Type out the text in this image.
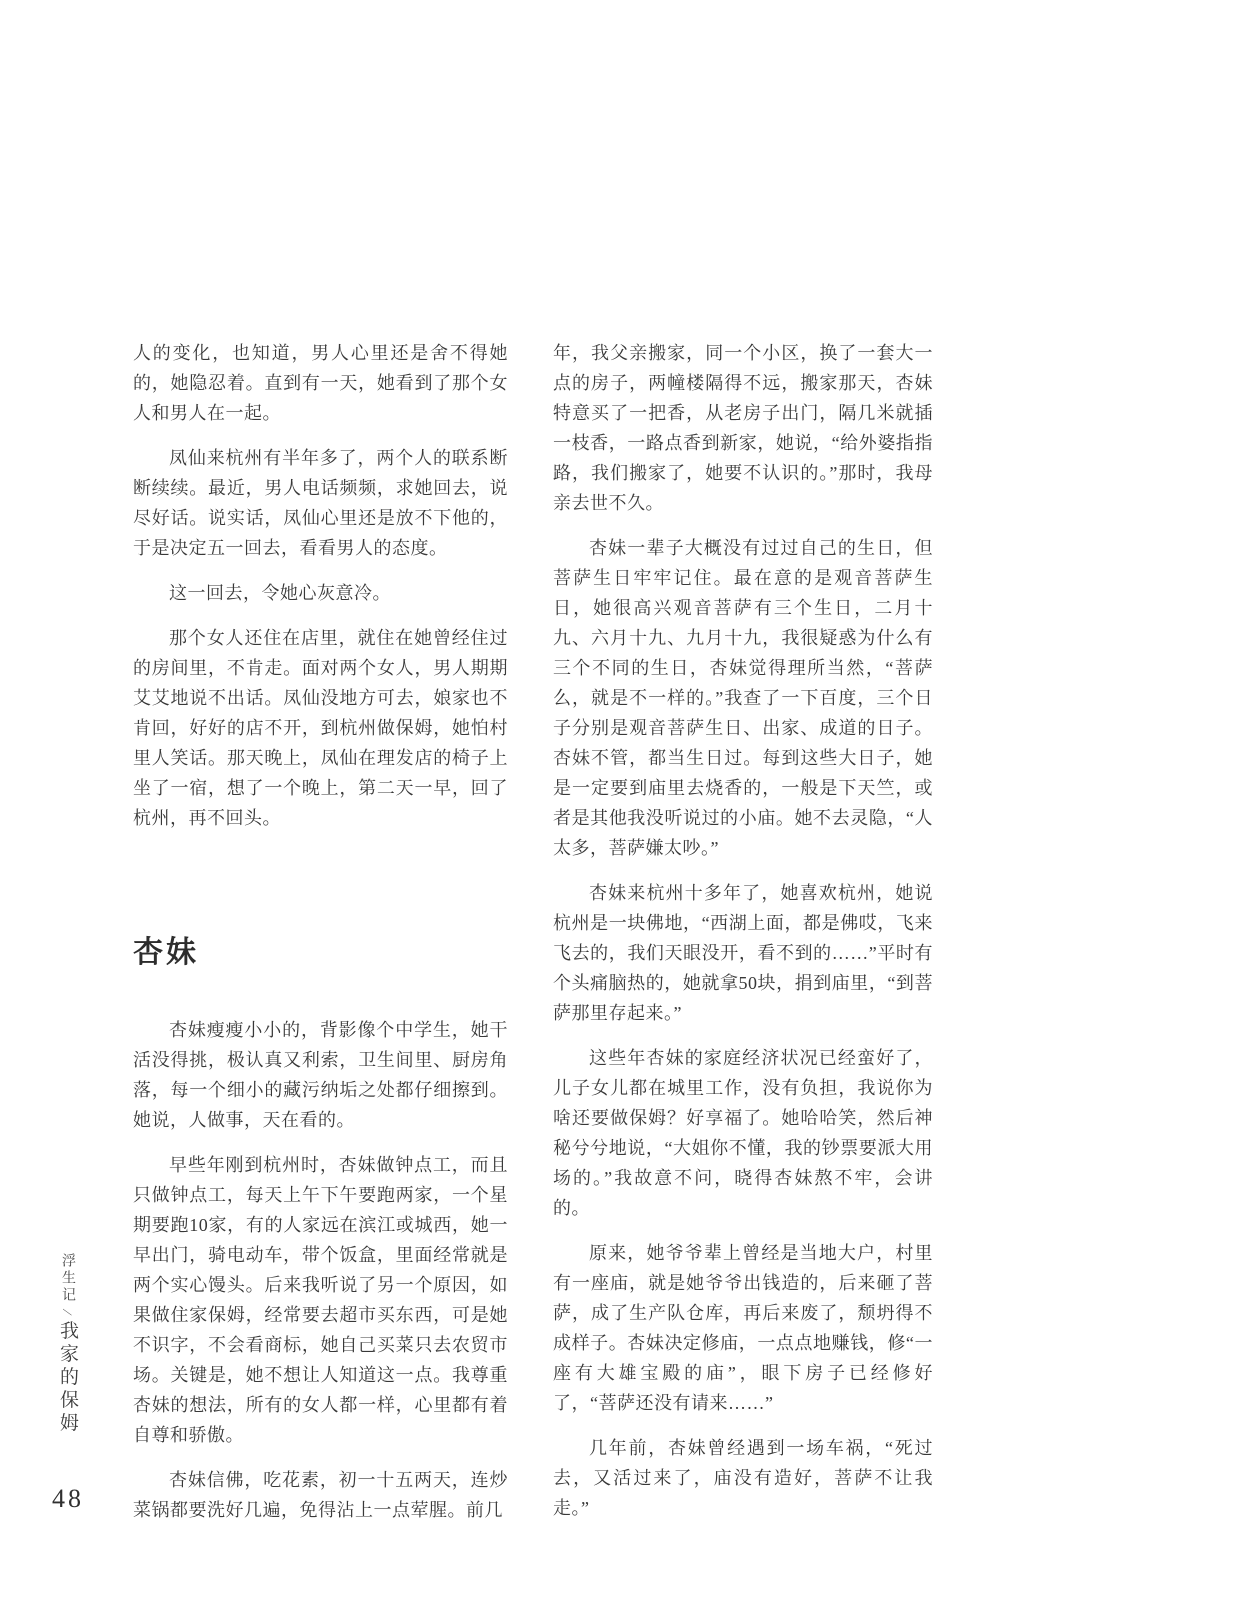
浮生记∕我家的保姆
48

人的变化，也知道，男人心里还是舍不得她的，她隐忍着。直到有一天，她看到了那个女人和男人在一起。

凤仙来杭州有半年多了，两个人的联系断断续续。最近，男人电话频频，求她回去，说尽好话。说实话，凤仙心里还是放不下他的，于是决定五一回去，看看男人的态度。

这一回去，令她心灰意冷。

那个女人还住在店里，就住在她曾经住过的房间里，不肯走。面对两个女人，男人期期艾艾地说不出话。凤仙没地方可去，娘家也不肯回，好好的店不开，到杭州做保姆，她怕村里人笑话。那天晚上，凤仙在理发店的椅子上坐了一宿，想了一个晚上，第二天一早，回了杭州，再不回头。

杏妹

杏妹瘦瘦小小的，背影像个中学生，她干活没得挑，极认真又利索，卫生间里、厨房角落，每一个细小的藏污纳垢之处都仔细擦到。她说，人做事，天在看的。

早些年刚到杭州时，杏妹做钟点工，而且只做钟点工，每天上午下午要跑两家，一个星期要跑10家，有的人家远在滨江或城西，她一早出门，骑电动车，带个饭盒，里面经常就是两个实心馒头。后来我听说了另一个原因，如果做住家保姆，经常要去超市买东西，可是她不识字，不会看商标，她自己买菜只去农贸市场。关键是，她不想让人知道这一点。我尊重杏妹的想法，所有的女人都一样，心里都有着自尊和骄傲。

杏妹信佛，吃花素，初一十五两天，连炒菜锅都要洗好几遍，免得沾上一点荤腥。前几

年，我父亲搬家，同一个小区，换了一套大一点的房子，两幢楼隔得不远，搬家那天，杏妹特意买了一把香，从老房子出门，隔几米就插一枝香，一路点香到新家，她说，“给外婆指指路，我们搬家了，她要不认识的。”那时，我母亲去世不久。

杏妹一辈子大概没有过过自己的生日，但菩萨生日牢牢记住。最在意的是观音菩萨生日，她很高兴观音菩萨有三个生日，二月十九、六月十九、九月十九，我很疑惑为什么有三个不同的生日，杏妹觉得理所当然，“菩萨么，就是不一样的。”我查了一下百度，三个日子分别是观音菩萨生日、出家、成道的日子。杏妹不管，都当生日过。每到这些大日子，她是一定要到庙里去烧香的，一般是下天竺，或者是其他我没听说过的小庙。她不去灵隐，“人太多，菩萨嫌太吵。”

杏妹来杭州十多年了，她喜欢杭州，她说杭州是一块佛地，“西湖上面，都是佛哎，飞来飞去的，我们天眼没开，看不到的……”平时有个头痛脑热的，她就拿50块，捐到庙里，“到菩萨那里存起来。”

这些年杏妹的家庭经济状况已经蛮好了，儿子女儿都在城里工作，没有负担，我说你为啥还要做保姆？好享福了。她哈哈笑，然后神秘兮兮地说，“大姐你不懂，我的钞票要派大用场的。”我故意不问，晓得杏妹熬不牢，会讲的。

原来，她爷爷辈上曾经是当地大户，村里有一座庙，就是她爷爷出钱造的，后来砸了菩萨，成了生产队仓库，再后来废了，颓坍得不成样子。杏妹决定修庙，一点点地赚钱，修“一座有大雄宝殿的庙”，眼下房子已经修好了，“菩萨还没有请来……”

几年前，杏妹曾经遇到一场车祸，“死过去，又活过来了，庙没有造好，菩萨不让我走。”
